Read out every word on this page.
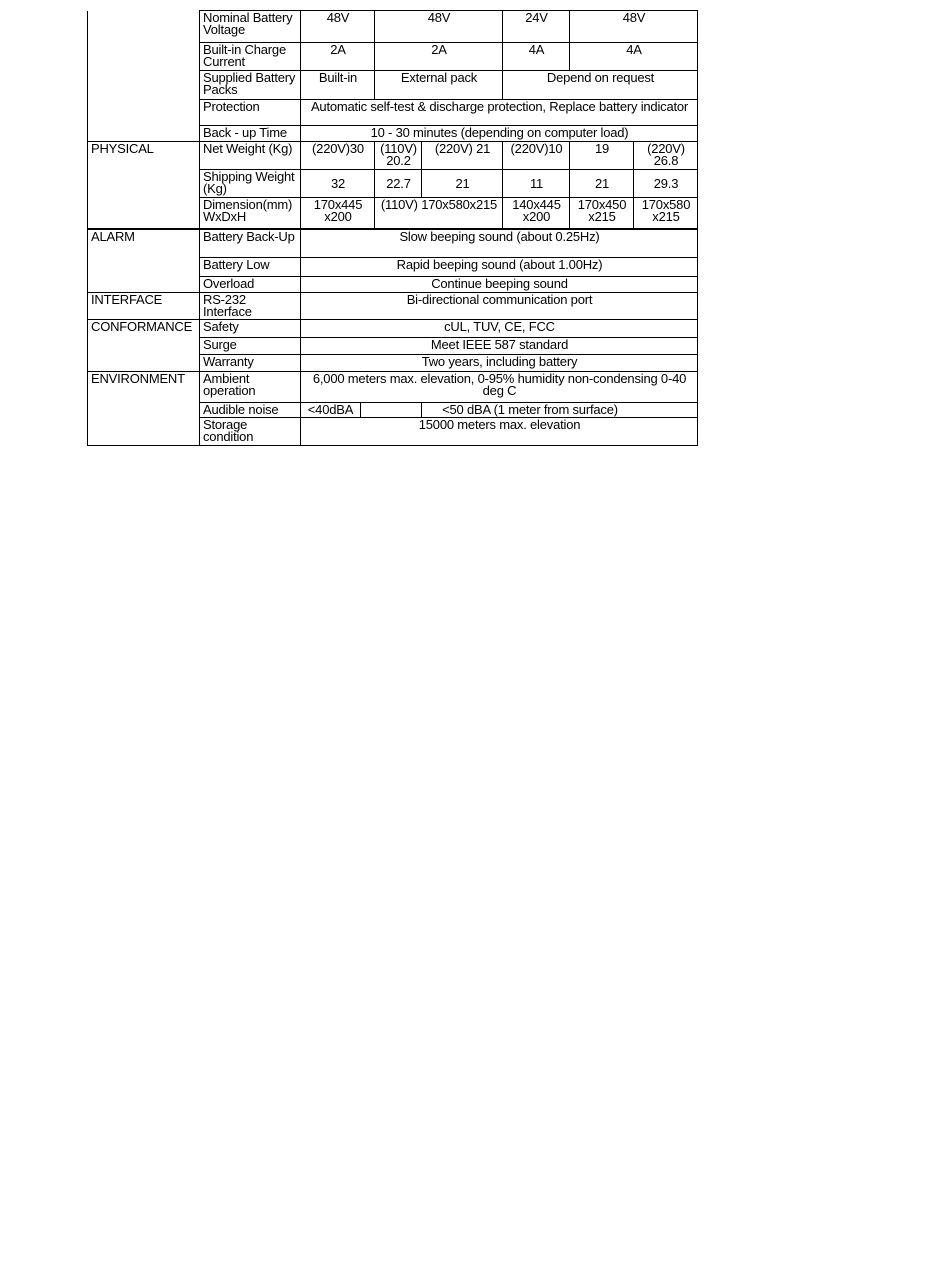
	Nominal Battery Voltage	48V	48V		24V	48V	
	Built-in Charge Current	2A	2A		4A	4A	
	Supplied Battery Packs	Built-in	External pack		Depend on request		
	Protection	Automatic self-test & discharge protection, Replace battery indicator					
	Back - up Time	10 - 30 minutes (depending on computer load)					
PHYSICAL	Net Weight (Kg)	(220V)30	(110V) 20.2	(220V) 21	(220V)10	19	(220V) 26.8
	Shipping Weight (Kg)	32	22.7	21	11	21	29.3
	Dimension(mm) WxDxH	170x445 x200	(110V) 170x580x215		140x445 x200	170x450 x215	170x580 x215
ALARM	Battery Back-Up	Slow beeping sound (about 0.25Hz)					
	Battery Low	Rapid beeping sound (about 1.00Hz)					
	Overload	Continue beeping sound					
INTERFACE	RS-232 Interface	Bi-directional communication port					
CONFORMANCE	Safety	cUL, TUV, CE, FCC					
	Surge	Meet IEEE 587 standard					
	Warranty	Two years, including battery					
ENVIRONMENT	Ambient operation	6,000 meters max. elevation, 0-95% humidity non-condensing 0-40 deg C					
	Audible noise	<40dBA		<50 dBA (1 meter from surface)			

	Storage condition	15000 meters max. elevation					
